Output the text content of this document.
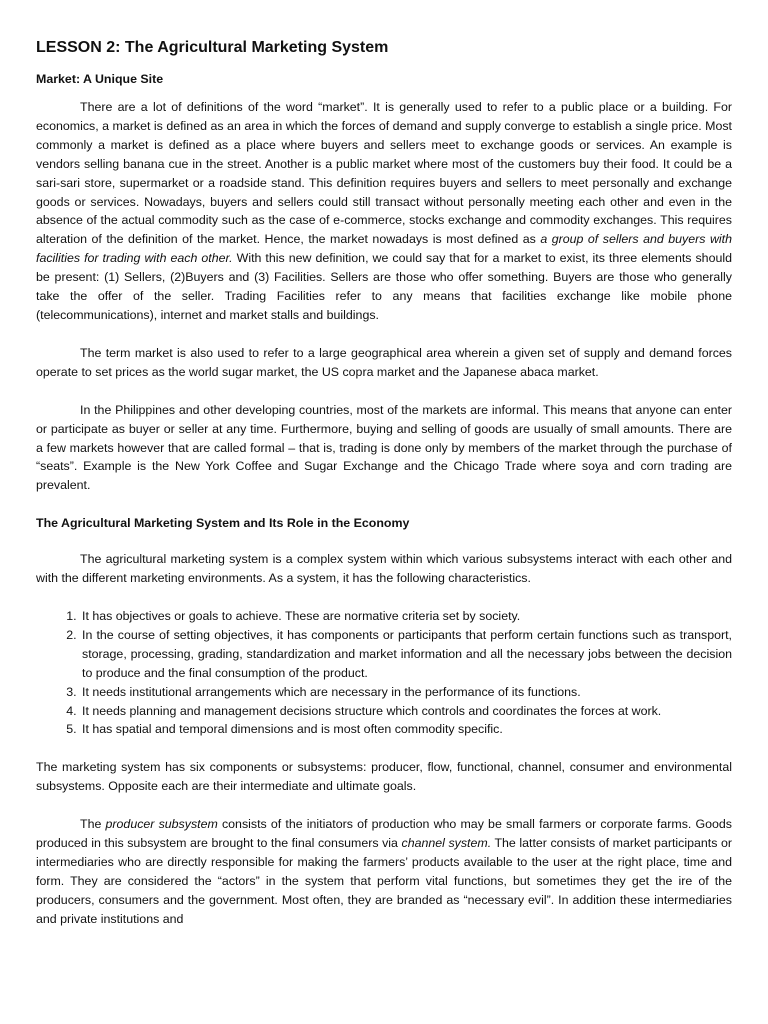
LESSON 2: The Agricultural Marketing System
Market: A Unique Site

There are a lot of definitions of the word “market”. It is generally used to refer to a public place or a building. For economics, a market is defined as an area in which the forces of demand and supply converge to establish a single price. Most commonly a market is defined as a place where buyers and sellers meet to exchange goods or services. An example is vendors selling banana cue in the street. Another is a public market where most of the customers buy their food. It could be a sari-sari store, supermarket or a roadside stand. This definition requires buyers and sellers to meet personally and exchange goods or services. Nowadays, buyers and sellers could still transact without personally meeting each other and even in the absence of the actual commodity such as the case of e-commerce, stocks exchange and commodity exchanges. This requires alteration of the definition of the market. Hence, the market nowadays is most defined as a group of sellers and buyers with facilities for trading with each other. With this new definition, we could say that for a market to exist, its three elements should be present: (1) Sellers, (2)Buyers and (3) Facilities. Sellers are those who offer something. Buyers are those who generally take the offer of the seller. Trading Facilities refer to any means that facilities exchange like mobile phone (telecommunications), internet and market stalls and buildings.

The term market is also used to refer to a large geographical area wherein a given set of supply and demand forces operate to set prices as the world sugar market, the US copra market and the Japanese abaca market.

In the Philippines and other developing countries, most of the markets are informal. This means that anyone can enter or participate as buyer or seller at any time. Furthermore, buying and selling of goods are usually of small amounts. There are a few markets however that are called formal – that is, trading is done only by members of the market through the purchase of “seats”. Example is the New York Coffee and Sugar Exchange and the Chicago Trade where soya and corn trading are prevalent.

The Agricultural Marketing System and Its Role in the Economy

The agricultural marketing system is a complex system within which various subsystems interact with each other and with the different marketing environments. As a system, it has the following characteristics.

1. It has objectives or goals to achieve. These are normative criteria set by society.
2. In the course of setting objectives, it has components or participants that perform certain functions such as transport, storage, processing, grading, standardization and market information and all the necessary jobs between the decision to produce and the final consumption of the product.
3. It needs institutional arrangements which are necessary in the performance of its functions.
4. It needs planning and management decisions structure which controls and coordinates the forces at work.
5. It has spatial and temporal dimensions and is most often commodity specific.

The marketing system has six components or subsystems: producer, flow, functional, channel, consumer and environmental subsystems. Opposite each are their intermediate and ultimate goals.

The producer subsystem consists of the initiators of production who may be small farmers or corporate farms. Goods produced in this subsystem are brought to the final consumers via channel system. The latter consists of market participants or intermediaries who are directly responsible for making the farmers’ products available to the user at the right place, time and form. They are considered the “actors” in the system that perform vital functions, but sometimes they get the ire of the producers, consumers and the government. Most often, they are branded as “necessary evil”. In addition these intermediaries and private institutions and
